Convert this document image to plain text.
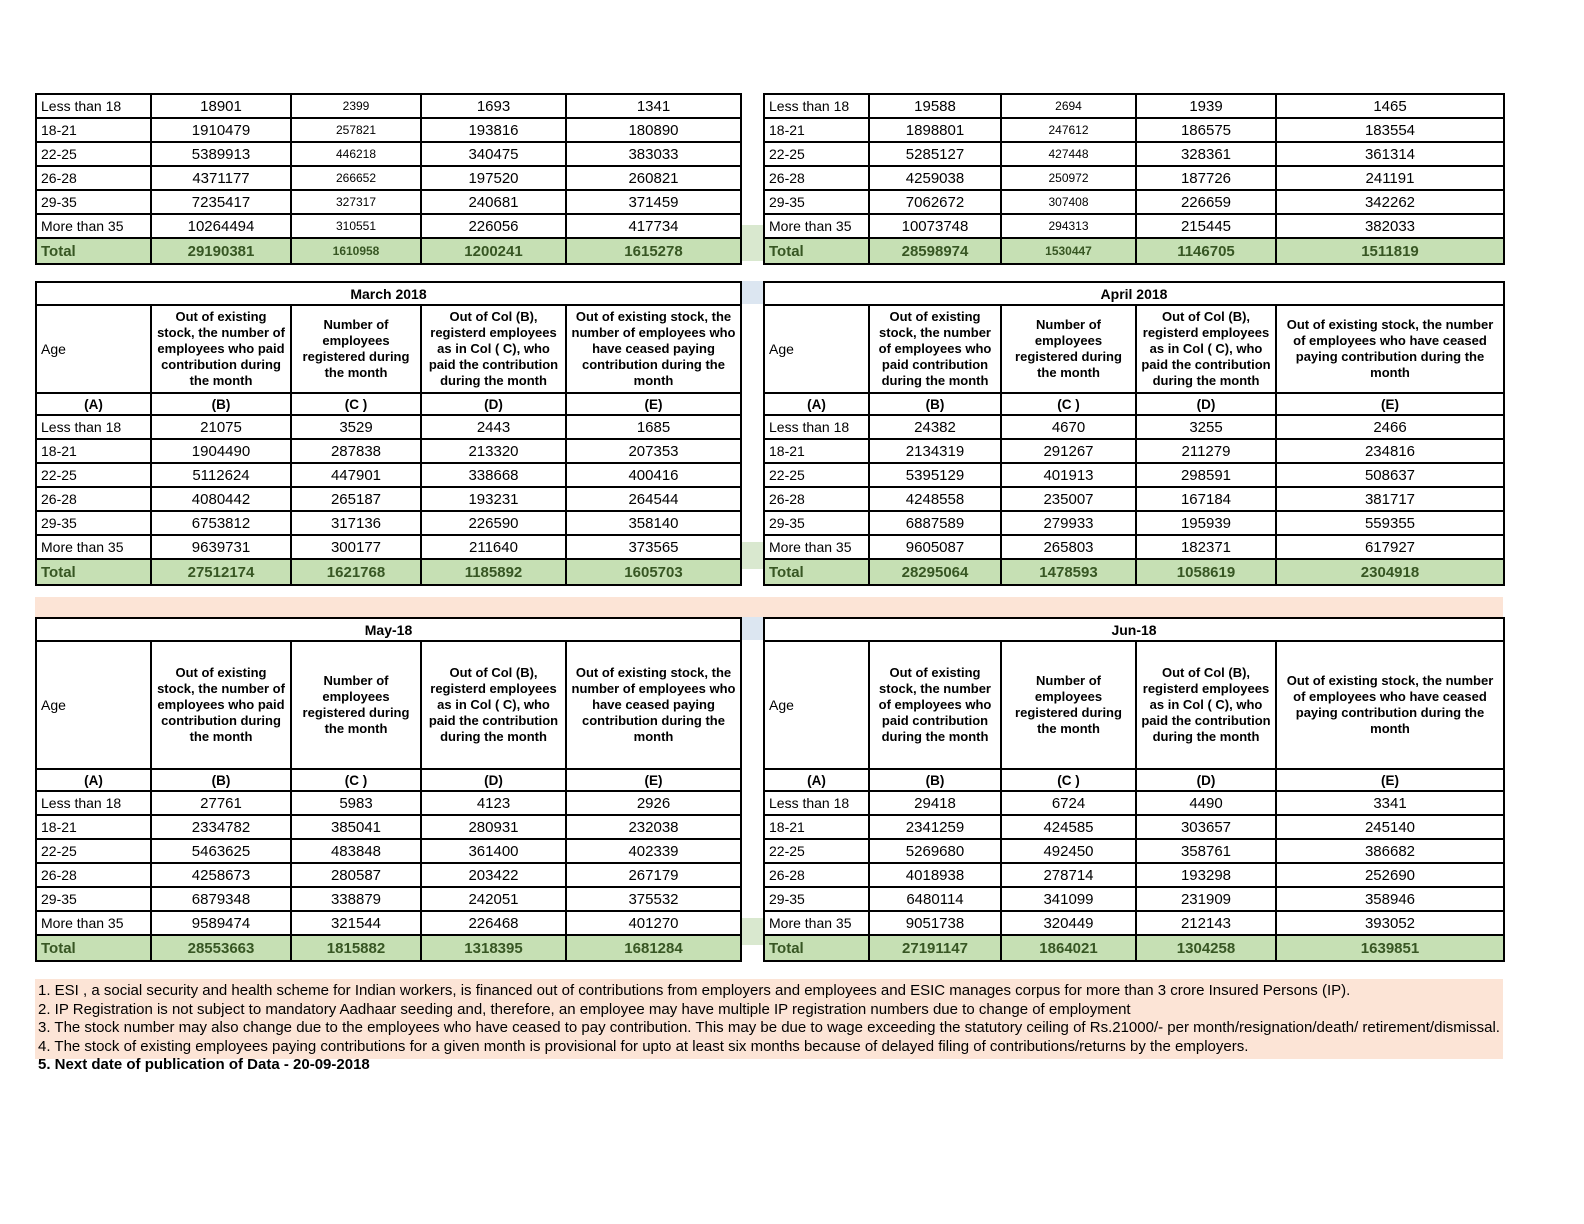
Less than 18	18901	2399	1693	1341
18-21	1910479	257821	193816	180890
22-25	5389913	446218	340475	383033
26-28	4371177	266652	197520	260821
29-35	7235417	327317	240681	371459
More than 35	10264494	310551	226056	417734
Total	29190381	1610958	1200241	1615278
Less than 18	19588	2694	1939	1465
18-21	1898801	247612	186575	183554
22-25	5285127	427448	328361	361314
26-28	4259038	250972	187726	241191
29-35	7062672	307408	226659	342262
More than 35	10073748	294313	215445	382033
Total	28598974	1530447	1146705	1511819
March 2018				
Age	Out of existing stock, the number of employees who paid contribution during the month	Number of employees registered during the month	Out of Col (B), registerd employees as in Col ( C), who paid the contribution during the month	Out of existing stock, the number of employees who have ceased paying contribution during the month
(A)	(B)	(C )	(D)	(E)
Less than 18	21075	3529	2443	1685
18-21	1904490	287838	213320	207353
22-25	5112624	447901	338668	400416
26-28	4080442	265187	193231	264544
29-35	6753812	317136	226590	358140
More than 35	9639731	300177	211640	373565
Total	27512174	1621768	1185892	1605703
April 2018				
Age	Out of existing stock, the number of employees who paid contribution during the month	Number of employees registered during the month	Out of Col (B), registerd employees as in Col ( C), who paid the contribution during the month	Out of existing stock, the number of employees who have ceased paying contribution during the month
(A)	(B)	(C )	(D)	(E)
Less than 18	24382	4670	3255	2466
18-21	2134319	291267	211279	234816
22-25	5395129	401913	298591	508637
26-28	4248558	235007	167184	381717
29-35	6887589	279933	195939	559355
More than 35	9605087	265803	182371	617927
Total	28295064	1478593	1058619	2304918
May-18				
Age	Out of existing stock, the number of employees who paid contribution during the month	Number of employees registered during the month	Out of Col (B), registerd employees as in Col ( C), who paid the contribution during the month	Out of existing stock, the number of employees who have ceased paying contribution during the month
(A)	(B)	(C )	(D)	(E)
Less than 18	27761	5983	4123	2926
18-21	2334782	385041	280931	232038
22-25	5463625	483848	361400	402339
26-28	4258673	280587	203422	267179
29-35	6879348	338879	242051	375532
More than 35	9589474	321544	226468	401270
Total	28553663	1815882	1318395	1681284
Jun-18				
Age	Out of existing stock, the number of employees who paid contribution during the month	Number of employees registered during the month	Out of Col (B), registerd employees as in Col ( C), who paid the contribution during the month	Out of existing stock, the number of employees who have ceased paying contribution during the month
(A)	(B)	(C )	(D)	(E)
Less than 18	29418	6724	4490	3341
18-21	2341259	424585	303657	245140
22-25	5269680	492450	358761	386682
26-28	4018938	278714	193298	252690
29-35	6480114	341099	231909	358946
More than 35	9051738	320449	212143	393052
Total	27191147	1864021	1304258	1639851
1. ESI , a social security and health scheme for Indian workers, is financed out of contributions from employers and employees and ESIC manages corpus for more than 3 crore Insured Persons (IP).
2. IP Registration is not subject to mandatory Aadhaar seeding and, therefore, an employee may have multiple IP registration numbers due to change of employment
3. The stock number may also change due to the employees who have ceased to pay contribution. This may be due to wage exceeding the statutory ceiling of Rs.21000/- per month/resignation/death/ retirement/dismissal.
4. The stock of existing employees paying contributions for a given month is provisional for upto at least six months because of delayed filing of contributions/returns by the employers.
5. Next date of publication of Data - 20-09-2018
